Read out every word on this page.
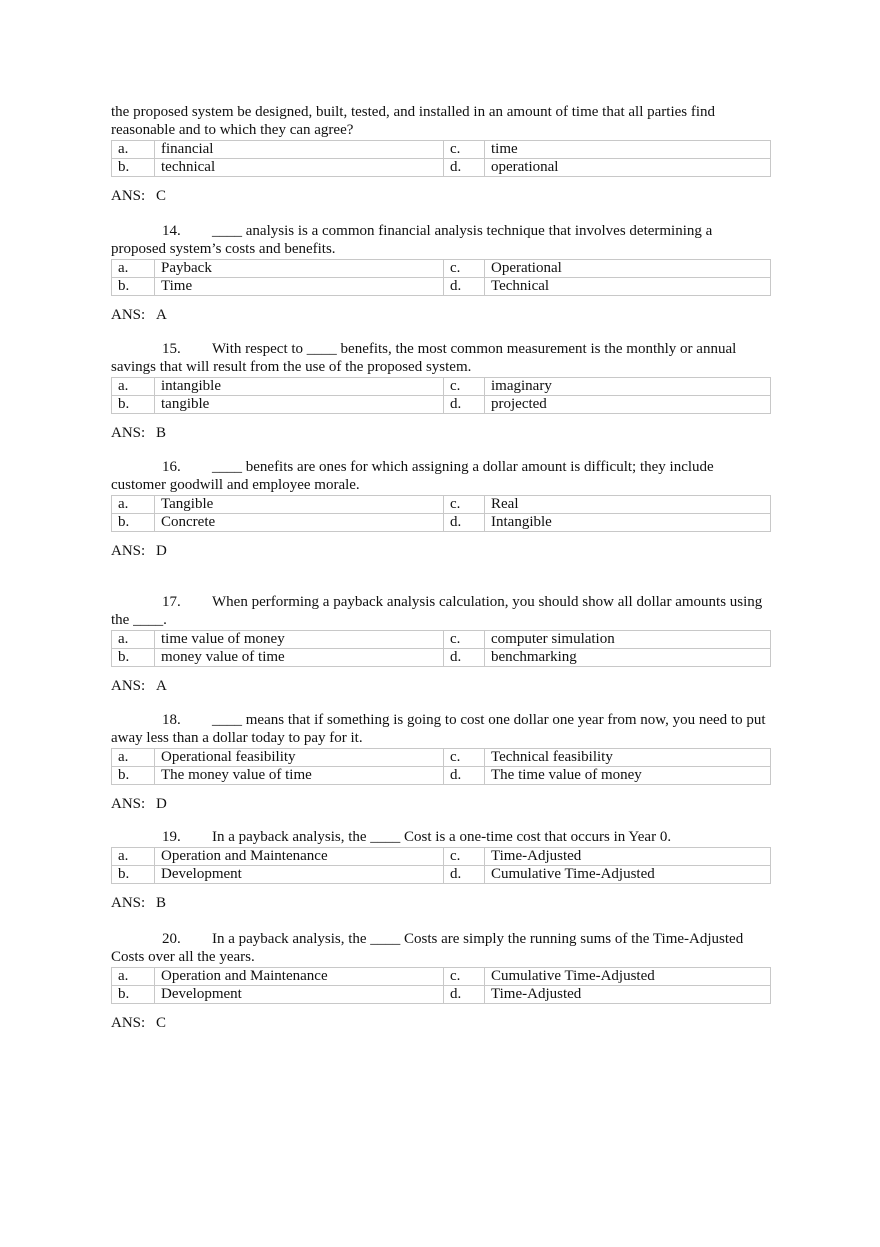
the proposed system be designed, built, tested, and installed in an amount of time that all parties find reasonable and to which they can agree?
a.	financial	c.	time
b.	technical	d.	operational
ANS: C
14. ____ analysis is a common financial analysis technique that involves determining a proposed system’s costs and benefits.
a.	Payback	c.	Operational
b.	Time	d.	Technical
ANS: A
15. With respect to ____ benefits, the most common measurement is the monthly or annual savings that will result from the use of the proposed system.
a.	intangible	c.	imaginary
b.	tangible	d.	projected
ANS: B
16. ____ benefits are ones for which assigning a dollar amount is difficult; they include customer goodwill and employee morale.
a.	Tangible	c.	Real
b.	Concrete	d.	Intangible
ANS: D
17. When performing a payback analysis calculation, you should show all dollar amounts using the ____.
a.	time value of money	c.	computer simulation
b.	money value of time	d.	benchmarking
ANS: A
18. ____ means that if something is going to cost one dollar one year from now, you need to put away less than a dollar today to pay for it.
a.	Operational feasibility	c.	Technical feasibility
b.	The money value of time	d.	The time value of money
ANS: D
19. In a payback analysis, the ____ Cost is a one-time cost that occurs in Year 0.
a.	Operation and Maintenance	c.	Time-Adjusted
b.	Development	d.	Cumulative Time-Adjusted
ANS: B
20. In a payback analysis, the ____ Costs are simply the running sums of the Time-Adjusted Costs over all the years.
a.	Operation and Maintenance	c.	Cumulative Time-Adjusted
b.	Development	d.	Time-Adjusted
ANS: C
